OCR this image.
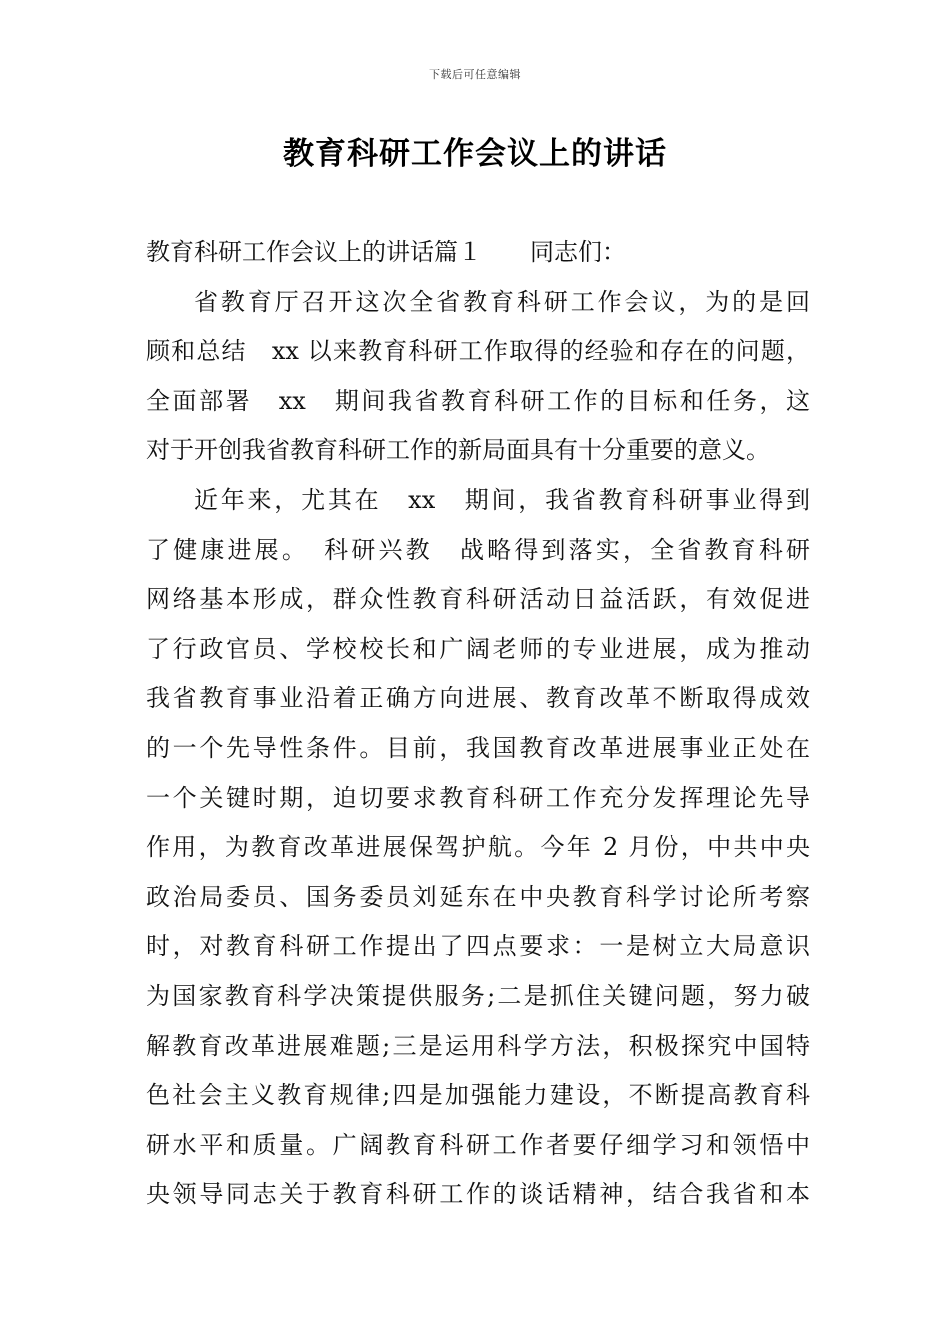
下载后可任意编辑
教育科研工作会议上的讲话
教育科研工作会议上的讲话篇１　　同志们：
省教育厅召开这次全省教育科研工作会议，为的是回
顾和总结　xx 以来教育科研工作取得的经验和存在的问题，
全面部署　xx　期间我省教育科研工作的目标和任务，这
对于开创我省教育科研工作的新局面具有十分重要的意义。
近年来，尤其在　xx　期间，我省教育科研事业得到
了健康进展。　科研兴教　战略得到落实，全省教育科研
网络基本形成，群众性教育科研活动日益活跃，有效促进
了行政官员、学校校长和广阔老师的专业进展，成为推动
我省教育事业沿着正确方向进展、教育改革不断取得成效
的一个先导性条件。目前，我国教育改革进展事业正处在
一个关键时期，迫切要求教育科研工作充分发挥理论先导
作用，为教育改革进展保驾护航。今年 2 月份，中共中央
政治局委员、国务委员刘延东在中央教育科学讨论所考察
时，对教育科研工作提出了四点要求：一是树立大局意识
为国家教育科学决策提供服务;二是抓住关键问题，努力破
解教育改革进展难题;三是运用科学方法，积极探究中国特
色社会主义教育规律;四是加强能力建设，不断提高教育科
研水平和质量。广阔教育科研工作者要仔细学习和领悟中
央领导同志关于教育科研工作的谈话精神，结合我省和本
